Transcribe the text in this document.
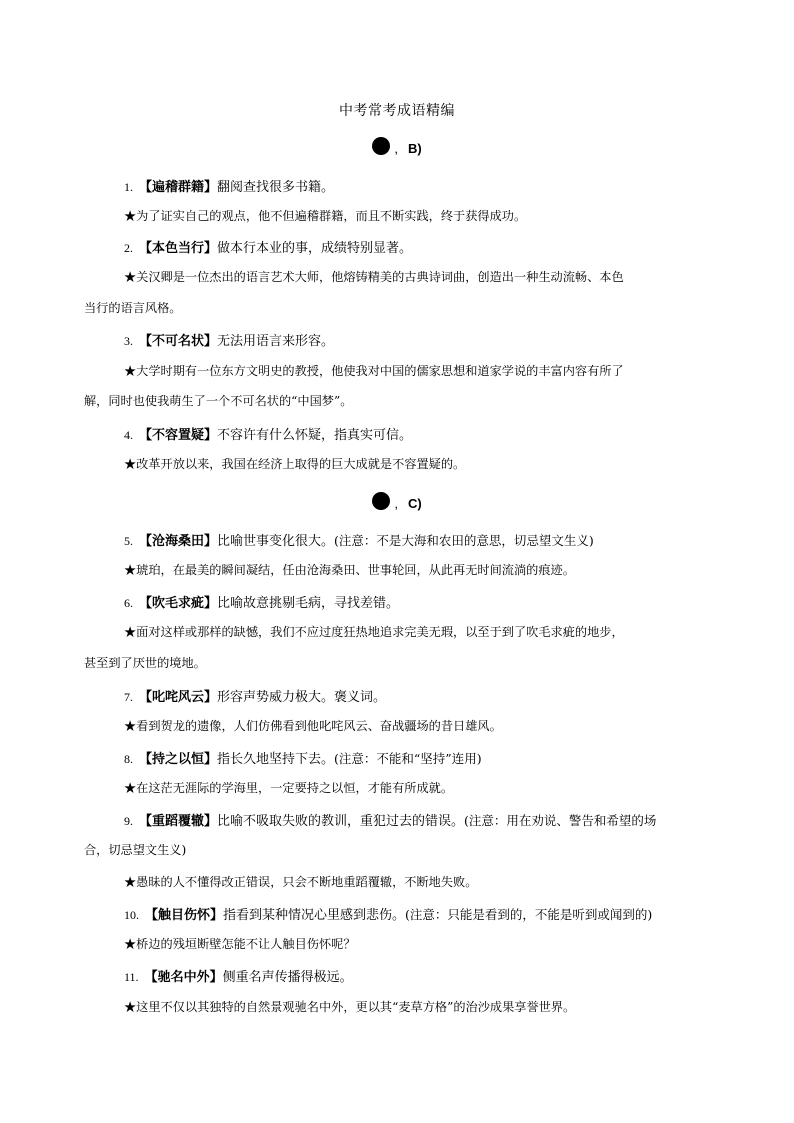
中考常考成语精编
, B)
1. 【遍稽群籍】翻阅查找很多书籍。
★为了证实自己的观点，他不但遍稽群籍，而且不断实践，终于获得成功。
2. 【本色当行】做本行本业的事，成绩特别显著。
★关汉卿是一位杰出的语言艺术大师，他熔铸精美的古典诗词曲，创造出一种生动流畅、本色
当行的语言风格。
3. 【不可名状】无法用语言来形容。
★大学时期有一位东方文明史的教授，他使我对中国的儒家思想和道家学说的丰富内容有所了
解，同时也使我萌生了一个不可名状的“中国梦”。
4. 【不容置疑】不容许有什么怀疑，指真实可信。
★改革开放以来，我国在经济上取得的巨大成就是不容置疑的。
, C)
5. 【沧海桑田】比喻世事变化很大。(注意：不是大海和农田的意思，切忌望文生义)
★琥珀，在最美的瞬间凝结，任由沧海桑田、世事轮回，从此再无时间流淌的痕迹。
6. 【吹毛求疵】比喻故意挑剔毛病，寻找差错。
★面对这样或那样的缺憾，我们不应过度狂热地追求完美无瑕，以至于到了吹毛求疵的地步，
甚至到了厌世的境地。
7. 【叱咤风云】形容声势威力极大。褒义词。
★看到贺龙的遗像，人们仿佛看到他叱咤风云、奋战疆场的昔日雄风。
8. 【持之以恒】指长久地坚持下去。(注意：不能和“坚持”连用)
★在这茫无涯际的学海里，一定要持之以恒，才能有所成就。
9. 【重蹈覆辙】比喻不吸取失败的教训，重犯过去的错误。(注意：用在劝说、警告和希望的场
合，切忌望文生义)
★愚昧的人不懂得改正错误，只会不断地重蹈覆辙，不断地失败。
10. 【触目伤怀】指看到某种情况心里感到悲伤。(注意：只能是看到的，不能是听到或闻到的)
★桥边的残垣断壁怎能不让人触目伤怀呢？
11. 【驰名中外】侧重名声传播得极远。
★这里不仅以其独特的自然景观驰名中外，更以其“麦草方格”的治沙成果享誉世界。
